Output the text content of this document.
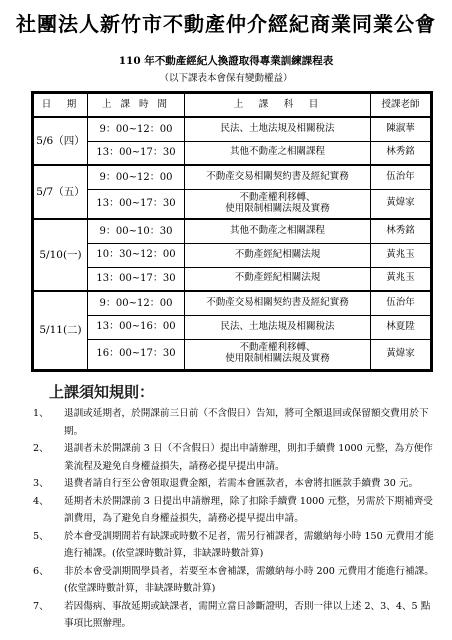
社團法人新竹市不動產仲介經紀商業同業公會
110 年不動產經紀人換證取得專業訓練課程表
（以下課表本會保有變動權益）
日　期	上 課 時 間	上　課　科　目	授課老師
5/6（四）	9：00~12：00	民法、土地法規及相關稅法	陳淑華
	13：00~17：30	其他不動產之相關課程	林秀銘
5/7（五）	9：00~12：00	不動產交易相關契約書及經紀實務	伍治年
	13：00~17：30	不動產權利移轉、
使用限制相關法規及實務	黃煒家
5/10(一)	9：00~10：30	其他不動產之相關課程	林秀銘
	10：30~12：00	不動產經紀相關法規	黃兆玉
	13：00~17：30	不動產經紀相關法規	黃兆玉
5/11(二)	9：00~12：00	不動產交易相關契約書及經紀實務	伍治年
	13：00~16：00	民法、土地法規及相關稅法	林夏陞
	16：00~17：30	不動產權利移轉、
使用限制相關法規及實務	黃煒家
上課須知規則：
1、 退訓或延期者，於開課前三日前（不含假日）告知，將可全額退回或保留額交費用於下期。
2、 退訓者未於開課前 3 日（不含假日）提出申請辦理，則扣手續費 1000 元整，為方便作業流程及避免自身權益損失，請務必提早提出申請。
3、 退費者請自行至公會領取退費金額，若需本會匯款者，本會將扣匯款手續費 30 元。
4、 延期者未於開課前 3 日提出申請辦理，除了扣除手續費 1000 元整，另需於下期補齊受訓費用，為了避免自身權益損失，請務必提早提出申請。
5、 於本會受訓期間若有缺課或時數不足者，需另行補課者，需繳納每小時 150 元費用才能進行補課。(依堂課時數計算，非缺課時數計算)
6、 非於本會受訓期間學員者，若要至本會補課，需繳納每小時 200 元費用才能進行補課。(依堂課時數計算，非缺課時數計算)
7、 若因傷病、事故延期或缺課者，需開立當日診斷證明，否則一律以上述 2、3、4、5 點事項比照辦理。
